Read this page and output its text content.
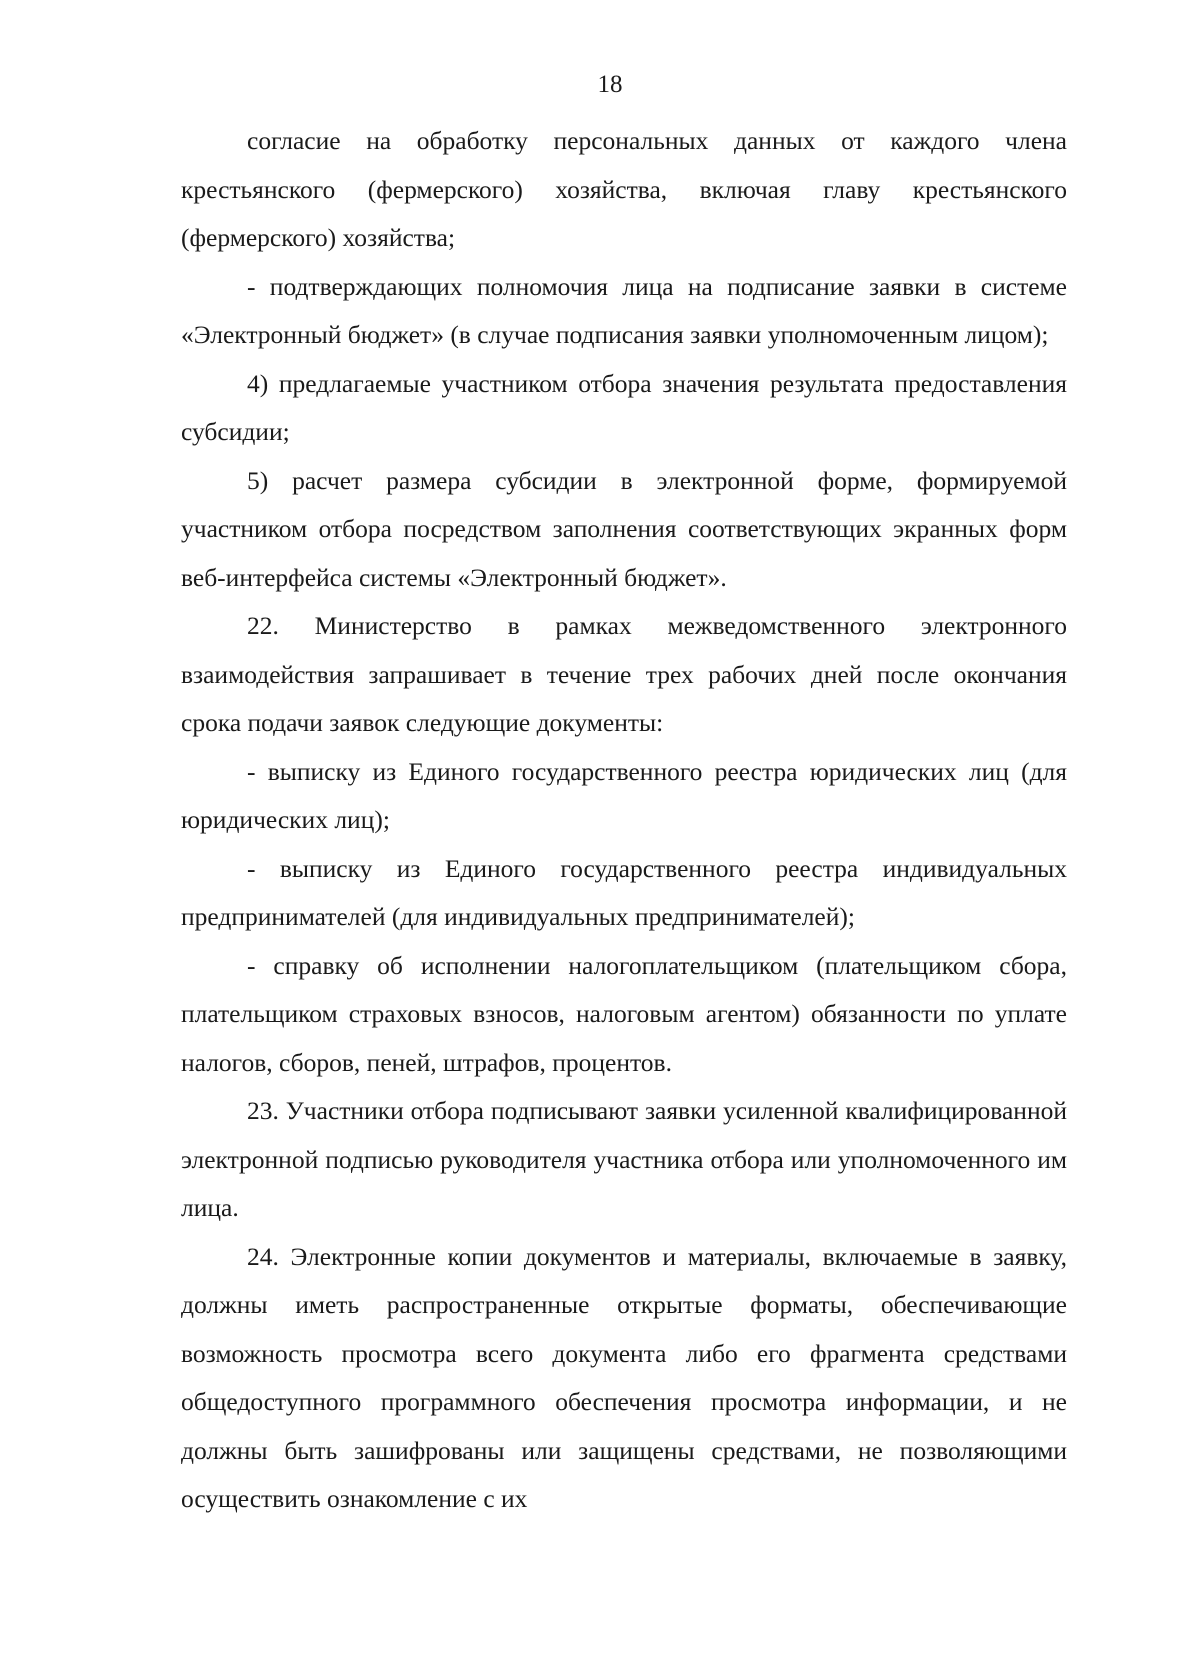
18

согласие на обработку персональных данных от каждого члена крестьянского (фермерского) хозяйства, включая главу крестьянского (фермерского) хозяйства;

- подтверждающих полномочия лица на подписание заявки в системе «Электронный бюджет» (в случае подписания заявки уполномоченным лицом);

4) предлагаемые участником отбора значения результата предоставления субсидии;

5) расчет размера субсидии в электронной форме, формируемой участником отбора посредством заполнения соответствующих экранных форм веб-интерфейса системы «Электронный бюджет».

22. Министерство в рамках межведомственного электронного взаимодействия запрашивает в течение трех рабочих дней после окончания срока подачи заявок следующие документы:

- выписку из Единого государственного реестра юридических лиц (для юридических лиц);

- выписку из Единого государственного реестра индивидуальных предпринимателей (для индивидуальных предпринимателей);

- справку об исполнении налогоплательщиком (плательщиком сбора, плательщиком страховых взносов, налоговым агентом) обязанности по уплате налогов, сборов, пеней, штрафов, процентов.

23. Участники отбора подписывают заявки усиленной квалифицированной электронной подписью руководителя участника отбора или уполномоченного им лица.

24. Электронные копии документов и материалы, включаемые в заявку, должны иметь распространенные открытые форматы, обеспечивающие возможность просмотра всего документа либо его фрагмента средствами общедоступного программного обеспечения просмотра информации, и не должны быть зашифрованы или защищены средствами, не позволяющими осуществить ознакомление с их
